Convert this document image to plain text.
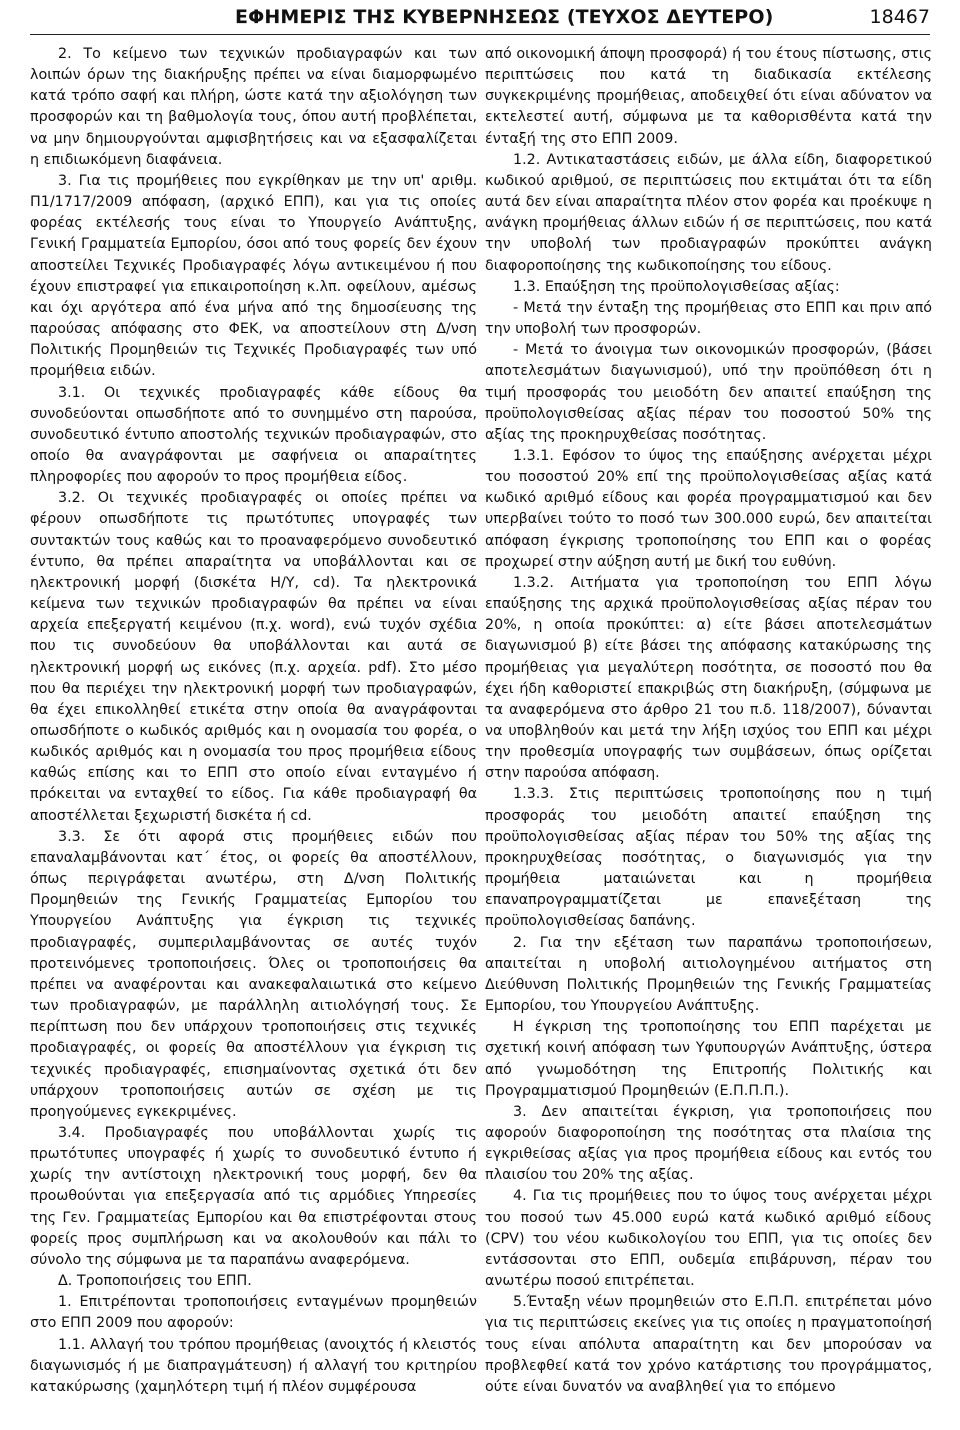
ΕΦΗΜΕΡΙΣ ΤΗΣ ΚΥΒΕΡΝΗΣΕΩΣ (ΤΕΥΧΟΣ ΔΕΥΤΕΡΟ)	18467

2. Το κείμενο των τεχνικών προδιαγραφών και των λοιπών όρων της διακήρυξης πρέπει να είναι διαμορφωμένο κατά τρόπο σαφή και πλήρη, ώστε κατά την αξιολόγηση των προσφορών και τη βαθμολογία τους, όπου αυτή προβλέπεται, να μην δημιουργούνται αμφισβητήσεις και να εξασφαλίζεται η επιδιωκόμενη διαφάνεια.

3. Για τις προμήθειες που εγκρίθηκαν με την υπ' αριθμ. Π1/1717/2009 απόφαση, (αρχικό ΕΠΠ), και για τις οποίες φορέας εκτέλεσής τους είναι το Υπουργείο Ανάπτυξης, Γενική Γραμματεία Εμπορίου, όσοι από τους φορείς δεν έχουν αποστείλει Τεχνικές Προδιαγραφές λόγω αντικειμένου ή που έχουν επιστραφεί για επικαιροποίηση κ.λπ. οφείλουν, αμέσως και όχι αργότερα από ένα μήνα από της δημοσίευσης της παρούσας απόφασης στο ΦΕΚ, να αποστείλουν στη Δ/νση Πολιτικής Προμηθειών τις Τεχνικές Προδιαγραφές των υπό προμήθεια ειδών.

3.1. Οι τεχνικές προδιαγραφές κάθε είδους θα συνοδεύονται οπωσδήποτε από το συνημμένο στη παρούσα, συνοδευτικό έντυπο αποστολής τεχνικών προδιαγραφών, στο οποίο θα αναγράφονται με σαφήνεια οι απαραίτητες πληροφορίες που αφορούν το προς προμήθεια είδος.

3.2. Οι τεχνικές προδιαγραφές οι οποίες πρέπει να φέρουν οπωσδήποτε τις πρωτότυπες υπογραφές των συντακτών τους καθώς και το προαναφερόμενο συνοδευτικό έντυπο, θα πρέπει απαραίτητα να υποβάλλονται και σε ηλεκτρονική μορφή (δισκέτα Η/Υ, cd). Τα ηλεκτρονικά κείμενα των τεχνικών προδιαγραφών θα πρέπει να είναι αρχεία επεξεργατή κειμένου (π.χ. word), ενώ τυχόν σχέδια που τις συνοδεύουν θα υποβάλλονται και αυτά σε ηλεκτρονική μορφή ως εικόνες (π.χ. αρχεία. pdf). Στο μέσο που θα περιέχει την ηλεκτρονική μορφή των προδιαγραφών, θα έχει επικολληθεί ετικέτα στην οποία θα αναγράφονται οπωσδήποτε ο κωδικός αριθμός και η ονομασία του φορέα, ο κωδικός αριθμός και η ονομασία του προς προμήθεια είδους καθώς επίσης και το ΕΠΠ στο οποίο είναι ενταγμένο ή πρόκειται να ενταχθεί το είδος. Για κάθε προδιαγραφή θα αποστέλλεται ξεχωριστή δισκέτα ή cd.

3.3. Σε ότι αφορά στις προμήθειες ειδών που επαναλαμβάνονται κατ΄ έτος, οι φορείς θα αποστέλλουν, όπως περιγράφεται ανωτέρω, στη Δ/νση Πολιτικής Προμηθειών της Γενικής Γραμματείας Εμπορίου του Υπουργείου Ανάπτυξης για έγκριση τις τεχνικές προδιαγραφές, συμπεριλαμβάνοντας σε αυτές τυχόν προτεινόμενες τροποποιήσεις. Όλες οι τροποποιήσεις θα πρέπει να αναφέρονται και ανακεφαλαιωτικά στο κείμενο των προδιαγραφών, με παράλληλη αιτιολόγησή τους. Σε περίπτωση που δεν υπάρχουν τροποποιήσεις στις τεχνικές προδιαγραφές, οι φορείς θα αποστέλλουν για έγκριση τις τεχνικές προδιαγραφές, επισημαίνοντας σχετικά ότι δεν υπάρχουν τροποποιήσεις αυτών σε σχέση με τις προηγούμενες εγκεκριμένες.

3.4. Προδιαγραφές που υποβάλλονται χωρίς τις πρωτότυπες υπογραφές ή χωρίς το συνοδευτικό έντυπο ή χωρίς την αντίστοιχη ηλεκτρονική τους μορφή, δεν θα προωθούνται για επεξεργασία από τις αρμόδιες Υπηρεσίες της Γεν. Γραμματείας Εμπορίου και θα επιστρέφονται στους φορείς προς συμπλήρωση και να ακολουθούν και πάλι το σύνολο της σύμφωνα με τα παραπάνω αναφερόμενα.

Δ. Τροποποιήσεις του ΕΠΠ.

1. Επιτρέπονται τροποποιήσεις ενταγμένων προμηθειών στο ΕΠΠ 2009 που αφορούν:

1.1. Αλλαγή του τρόπου προμήθειας (ανοιχτός ή κλειστός διαγωνισμός ή με διαπραγμάτευση) ή αλλαγή του κριτηρίου κατακύρωσης (χαμηλότερη τιμή ή πλέον συμφέρουσα

από οικονομική άποψη προσφορά) ή του έτους πίστωσης, στις περιπτώσεις που κατά τη διαδικασία εκτέλεσης συγκεκριμένης προμήθειας, αποδειχθεί ότι είναι αδύνατον να εκτελεστεί αυτή, σύμφωνα με τα καθορισθέντα κατά την ένταξή της στο ΕΠΠ 2009.

1.2. Αντικαταστάσεις ειδών, με άλλα είδη, διαφορετικού κωδικού αριθμού, σε περιπτώσεις που εκτιμάται ότι τα είδη αυτά δεν είναι απαραίτητα πλέον στον φορέα και προέκυψε η ανάγκη προμήθειας άλλων ειδών ή σε περιπτώσεις, που κατά την υποβολή των προδιαγραφών προκύπτει ανάγκη διαφοροποίησης της κωδικοποίησης του είδους.

1.3. Επαύξηση της προϋπολογισθείσας αξίας:

- Μετά την ένταξη της προμήθειας στο ΕΠΠ και πριν από την υποβολή των προσφορών.

- Μετά το άνοιγμα των οικονομικών προσφορών, (βάσει αποτελεσμάτων διαγωνισμού), υπό την προϋπόθεση ότι η τιμή προσφοράς του μειοδότη δεν απαιτεί επαύξηση της προϋπολογισθείσας αξίας πέραν του ποσοστού 50% της αξίας της προκηρυχθείσας ποσότητας.

1.3.1. Εφόσον το ύψος της επαύξησης ανέρχεται μέχρι του ποσοστού 20% επί της προϋπολογισθείσας αξίας κατά κωδικό αριθμό είδους και φορέα προγραμματισμού και δεν υπερβαίνει τούτο το ποσό των 300.000 ευρώ, δεν απαιτείται απόφαση έγκρισης τροποποίησης του ΕΠΠ και ο φορέας προχωρεί στην αύξηση αυτή με δική του ευθύνη.

1.3.2. Αιτήματα για τροποποίηση του ΕΠΠ λόγω επαύξησης της αρχικά προϋπολογισθείσας αξίας πέραν του 20%, η οποία προκύπτει: α) είτε βάσει αποτελεσμάτων διαγωνισμού β) είτε βάσει της απόφασης κατακύρωσης της προμήθειας για μεγαλύτερη ποσότητα, σε ποσοστό που θα έχει ήδη καθοριστεί επακριβώς στη διακήρυξη, (σύμφωνα με τα αναφερόμενα στο άρθρο 21 του π.δ. 118/2007), δύνανται να υποβληθούν και μετά την λήξη ισχύος του ΕΠΠ και μέχρι την προθεσμία υπογραφής των συμβάσεων, όπως ορίζεται στην παρούσα απόφαση.

1.3.3. Στις περιπτώσεις τροποποίησης που η τιμή προσφοράς του μειοδότη απαιτεί επαύξηση της προϋπολογισθείσας αξίας πέραν του 50% της αξίας της προκηρυχθείσας ποσότητας, ο διαγωνισμός για την προμήθεια ματαιώνεται και η προμήθεια επαναπρογραμματίζεται με επανεξέταση της προϋπολογισθείσας δαπάνης.

2. Για την εξέταση των παραπάνω τροποποιήσεων, απαιτείται η υποβολή αιτιολογημένου αιτήματος στη Διεύθυνση Πολιτικής Προμηθειών της Γενικής Γραμματείας Εμπορίου, του Υπουργείου Ανάπτυξης.

Η έγκριση της τροποποίησης του ΕΠΠ παρέχεται με σχετική κοινή απόφαση των Υφυπουργών Ανάπτυξης, ύστερα από γνωμοδότηση της Επιτροπής Πολιτικής και Προγραμματισμού Προμηθειών (Ε.Π.Π.Π.).

3. Δεν απαιτείται έγκριση, για τροποποιήσεις που αφορούν διαφοροποίηση της ποσότητας στα πλαίσια της εγκριθείσας αξίας για προς προμήθεια είδους και εντός του πλαισίου του 20% της αξίας.

4. Για τις προμήθειες που το ύψος τους ανέρχεται μέχρι του ποσού των 45.000 ευρώ κατά κωδικό αριθμό είδους (CPV) του νέου κωδικολογίου του ΕΠΠ, για τις οποίες δεν εντάσσονται στο ΕΠΠ, ουδεμία επιβάρυνση, πέραν του ανωτέρω ποσού επιτρέπεται.

5.Ένταξη νέων προμηθειών στο Ε.Π.Π. επιτρέπεται μόνο για τις περιπτώσεις εκείνες για τις οποίες η πραγματοποίησή τους είναι απόλυτα απαραίτητη και δεν μπορούσαν να προβλεφθεί κατά τον χρόνο κατάρτισης του προγράμματος, ούτε είναι δυνατόν να αναβληθεί για το επόμενο
